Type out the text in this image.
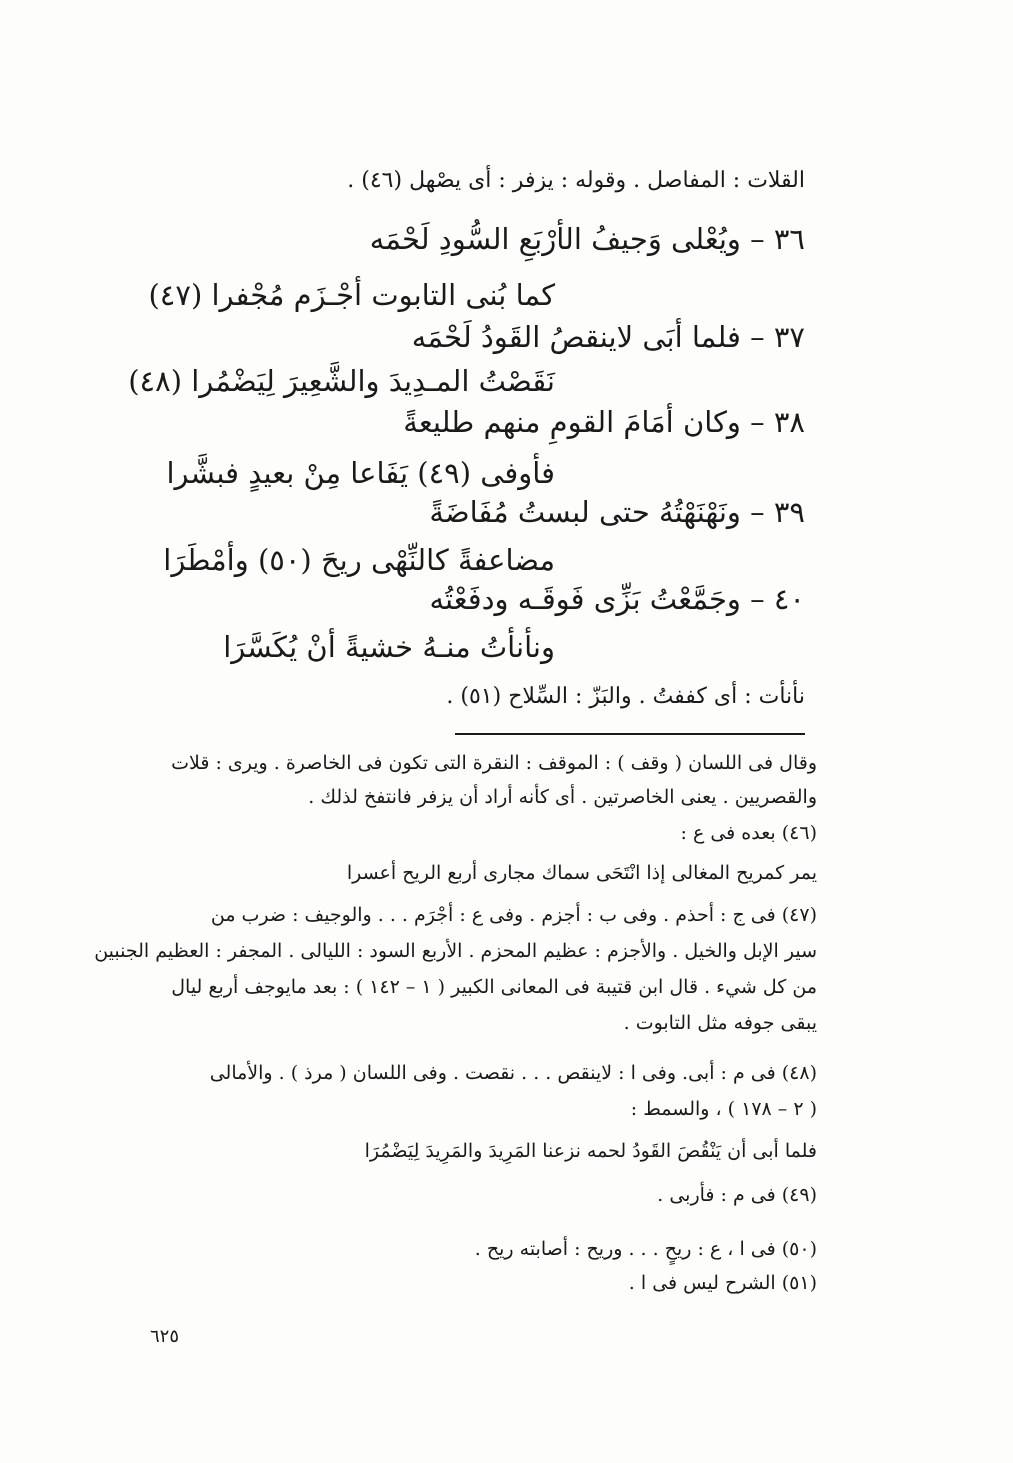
القلات : المفاصل . وقوله : يزفر : أى يصْهل (٤٦) .
٣٦ – ويُعْلى وَجيفُ الأرْبَعِ السُّودِ لَحْمَه
كما بُنى التابوت أجْـزَم مُجْفرا (٤٧)
٣٧ – فلما أبَى لاينقصُ القَودُ لَحْمَه
نَقَصْتُ المـدِيدَ والشَّعِيرَ لِيَضْمُرا (٤٨)
٣٨ – وكان أمَامَ القومِ منهم طليعةً
فأوفى (٤٩) يَفَاعا مِنْ بعيدٍ فبشَّرا
٣٩ – ونَهْنَهْتُهُ حتى لبستُ مُفَاضَةً
مضاعفةً كالنِّهْى ريحَ (٥٠) وأمْطَرَا
٤٠ – وجَمَّعْتُ بَزِّى فَوقَـه ودفَعْتُه
ونأنأتُ منـهُ خشيةً أنْ يُكَسَّرَا
نأنأت : أى كففتُ . والبَزّ : السِّلاح (٥١) .
وقال فى اللسان ( وقف ) : الموقف : النقرة التى تكون فى الخاصرة . ويرى : قلات
والقصريين . يعنى الخاصرتين . أى كأنه أراد أن يزفر فانتفخ لذلك .
(٤٦) بعده فى ع :
يمر كمريح المغالى إذا انْتَحَى سماك مجارى أربع الريح أعسرا
(٤٧) فى ج : أحذم . وفى ب : أجزم . وفى ع : أجْرَم . . . والوجيف : ضرب من
سير الإبل والخيل . والأجزم : عظيم المحزم . الأربع السود : الليالى . المجفر : العظيم الجنبين
من كل شيء . قال ابن قتيبة فى المعانى الكبير ( ١ – ١٤٢ ) : بعد مايوجف أربع ليال
يبقى جوفه مثل التابوت .
(٤٨) فى م : أبى. وفى ا : لاينقص . . . نقصت . وفى اللسان ( مرذ ) . والأمالى
( ٢ – ١٧٨ ) ، والسمط :
فلما أبى أن يَنْقُصَ القَودُ لحمه نزعنا المَرِيدَ والمَرِيدَ لِيَضْمُرَا
(٤٩) فى م : فأربى .
(٥٠) فى ا ، ع : ريحٍ . . . وريح : أصابته ريح .
(٥١) الشرح ليس فى ا .
٦٢٥
